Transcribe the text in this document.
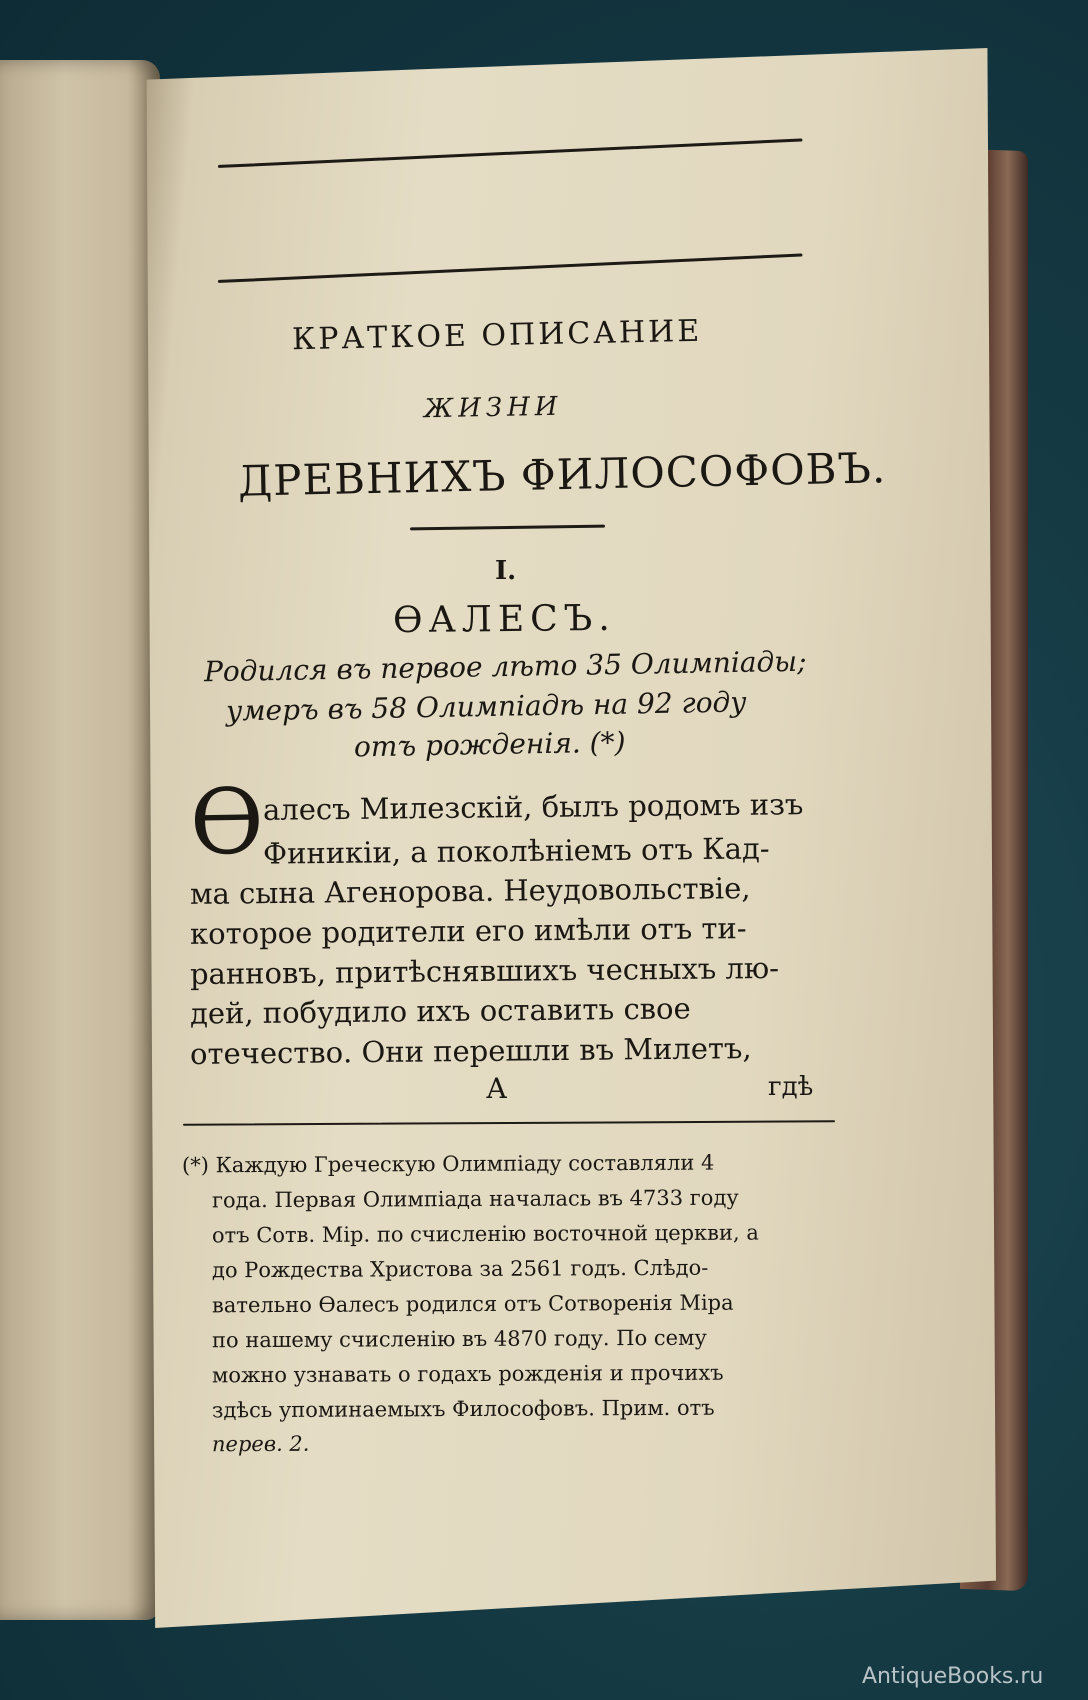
КРАТКОЕ ОПИСАНИЕ
ЖИЗНИ
ДРЕВНИХЪ ФИЛОСОФОВЪ.
I.
ѲАЛЕСЪ.
Родился въ первое лѣто 35 Олимпіады;
умеръ въ 58 Олимпіадѣ на 92 году
отъ рожденія. (*)
Ѳ
алесъ Милезскій, былъ родомъ изъ
Финикіи, а поколѣніемъ отъ Кад-
ма сына Агенорова. Неудовольствіе,
которое родители его имѣли отъ ти-
ранновъ, притѣснявшихъ чесныхъ лю-
дей, побудило ихъ оставить свое
отечество. Они перешли въ Милетъ,
А	гдѣ
(*) Каждую Греческую Олимпіаду составляли 4
года. Первая Олимпіада началась въ 4733 году
отъ Сотв. Мір. по счисленію восточной церкви, а
до Рождества Христова за 2561 годъ. Слѣдо-
вательно Ѳалесъ родился отъ Сотворенія Міра
по нашему счисленію въ 4870 году. По сему
можно узнавать о годахъ рожденія и прочихъ
здѣсь упоминаемыхъ Философовъ. Прим. отъ
перев. 2.
AntiqueBooks.ru
